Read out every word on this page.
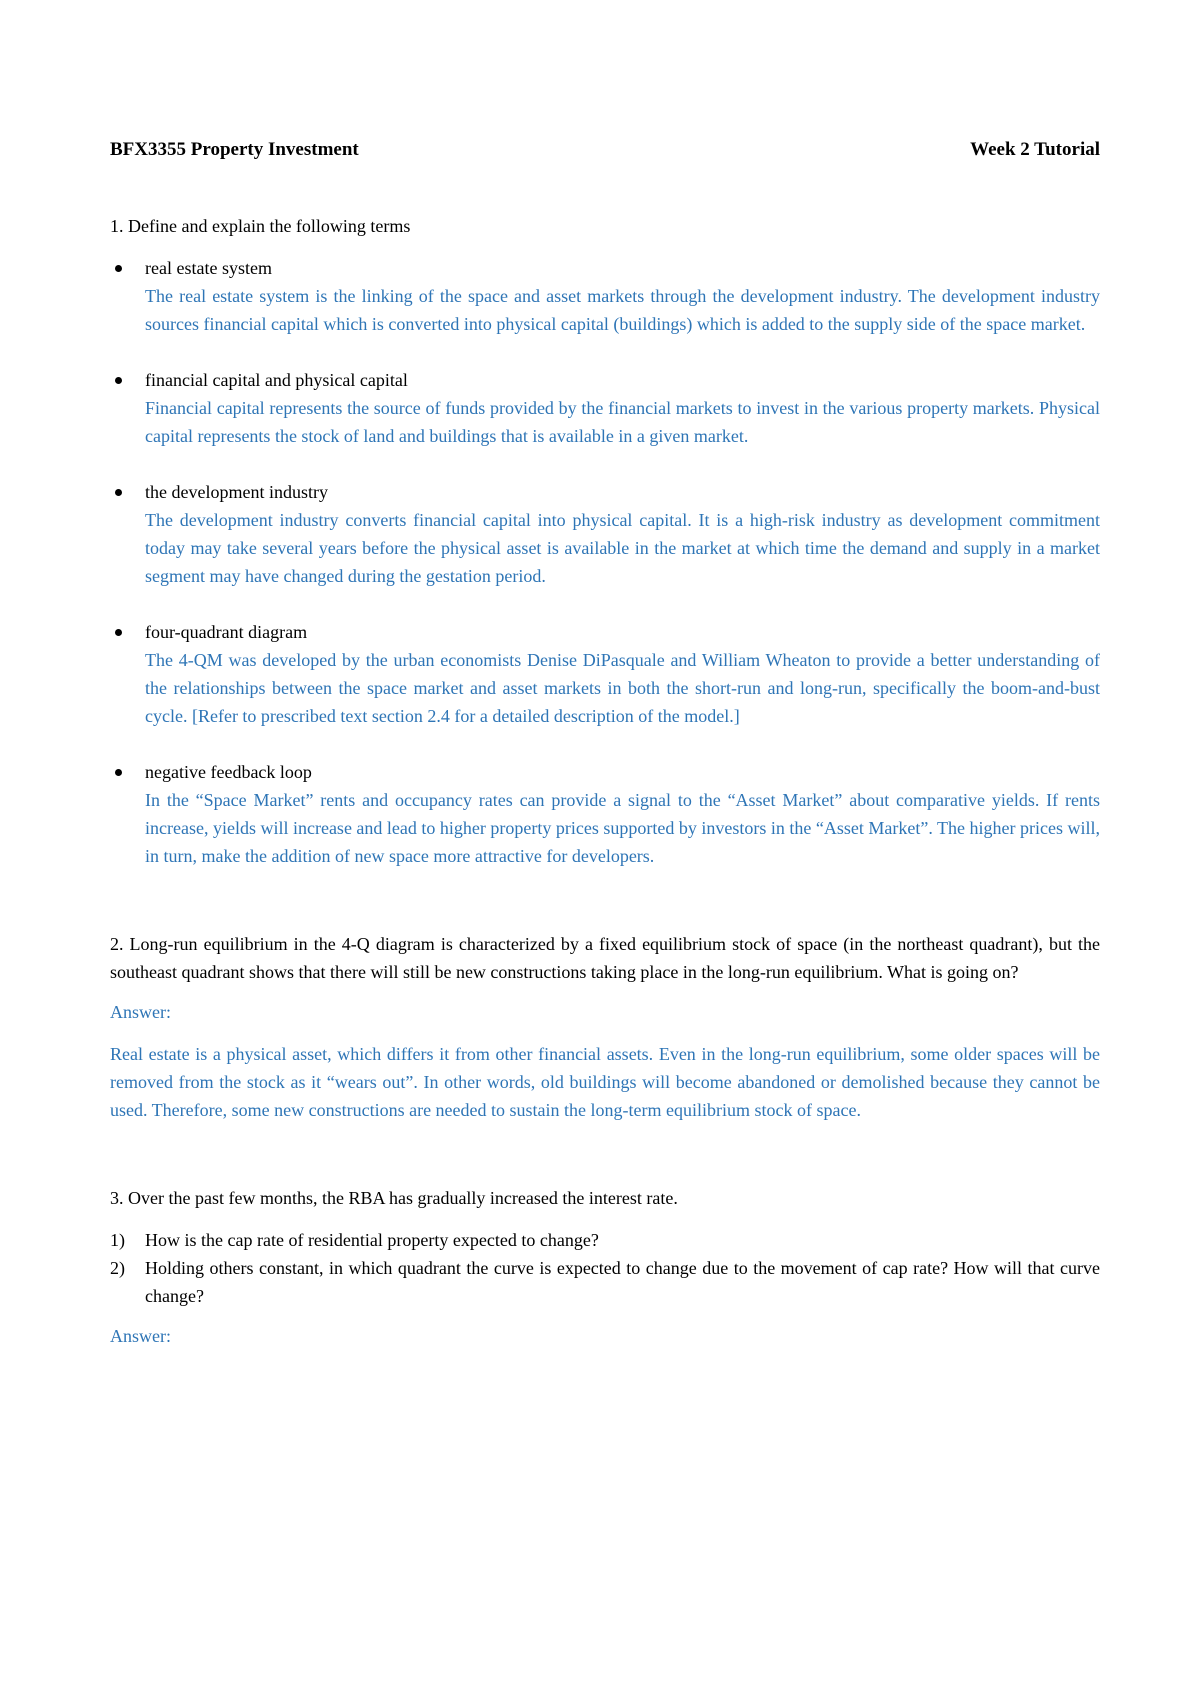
BFX3355 Property Investment	Week 2 Tutorial

1. Define and explain the following terms

real estate system

The real estate system is the linking of the space and asset markets through the development industry. The development industry sources financial capital which is converted into physical capital (buildings) which is added to the supply side of the space market.

financial capital and physical capital

Financial capital represents the source of funds provided by the financial markets to invest in the various property markets. Physical capital represents the stock of land and buildings that is available in a given market.

the development industry

The development industry converts financial capital into physical capital. It is a high-risk industry as development commitment today may take several years before the physical asset is available in the market at which time the demand and supply in a market segment may have changed during the gestation period.

four-quadrant diagram

The 4-QM was developed by the urban economists Denise DiPasquale and William Wheaton to provide a better understanding of the relationships between the space market and asset markets in both the short-run and long-run, specifically the boom-and-bust cycle. [Refer to prescribed text section 2.4 for a detailed description of the model.]

negative feedback loop

In the “Space Market” rents and occupancy rates can provide a signal to the “Asset Market” about comparative yields. If rents increase, yields will increase and lead to higher property prices supported by investors in the “Asset Market”. The higher prices will, in turn, make the addition of new space more attractive for developers.

2. Long-run equilibrium in the 4-Q diagram is characterized by a fixed equilibrium stock of space (in the northeast quadrant), but the southeast quadrant shows that there will still be new constructions taking place in the long-run equilibrium. What is going on?

Answer:

Real estate is a physical asset, which differs it from other financial assets. Even in the long-run equilibrium, some older spaces will be removed from the stock as it “wears out”. In other words, old buildings will become abandoned or demolished because they cannot be used. Therefore, some new constructions are needed to sustain the long-term equilibrium stock of space.

3. Over the past few months, the RBA has gradually increased the interest rate.

1)	How is the cap rate of residential property expected to change?

2)	Holding others constant, in which quadrant the curve is expected to change due to the movement of cap rate? How will that curve change?

Answer:
